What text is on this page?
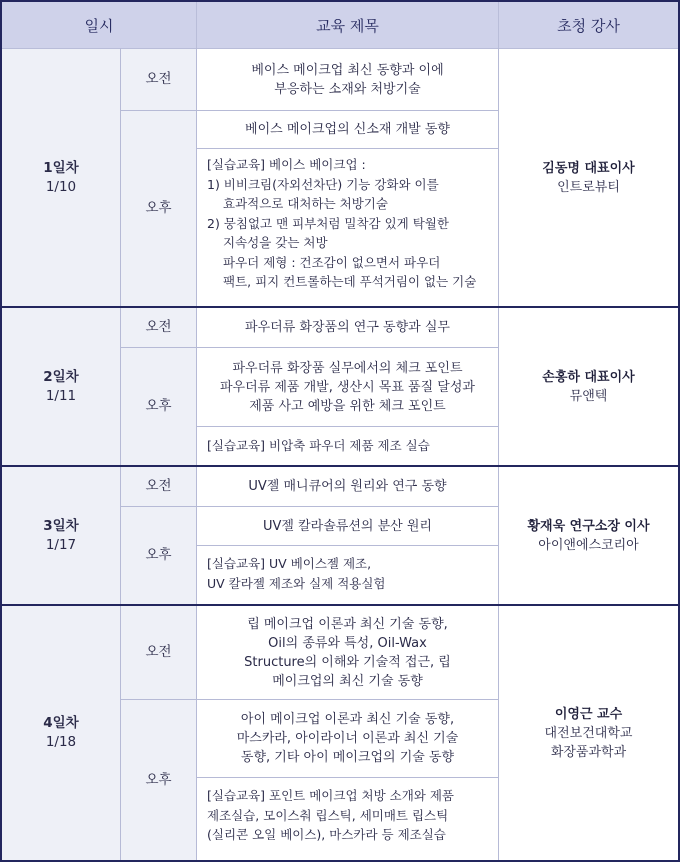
일시	교육 제목	초청 강사
1일차
1/10
오전
오후
베이스 메이크업 최신 동향과 이에
부응하는 소재와 처방기술
베이스 메이크업의 신소재 개발 동향
[실습교육] 베이스 베이크업 :
1) 비비크림(자외선차단) 기능 강화와 이를
효과적으로 대처하는 처방기술
2) 뭉침없고 맨 피부처럼 밀착감 있게 탁월한
지속성을 갖는 처방
파우더 제형 : 건조감이 없으면서 파우더
팩트, 피지 컨트롤하는데 푸석거림이 없는 기술
김동명 대표이사
인트로뷰티
2일차
1/11
오전
오후
파우더류 화장품의 연구 동향과 실무
파우더류 화장품 실무에서의 체크 포인트
파우더류 제품 개발, 생산시 목표 품질 달성과
제품 사고 예방을 위한 체크 포인트
[실습교육] 비압축 파우더 제품 제조 실습
손홍하 대표이사
뮤앤텍
3일차
1/17
오전
오후
UV젤 매니큐어의 원리와 연구 동향
UV젤 칼라솔류션의 분산 원리
[실습교육] UV 베이스젤 제조,
UV 칼라젤 제조와 실제 적용실험
황재욱 연구소장 이사
아이앤에스코리아
4일차
1/18
오전
오후
립 메이크업 이론과 최신 기술 동향,
Oil의 종류와 특성, Oil-Wax
Structure의 이해와 기술적 접근, 립
메이크업의 최신 기술 동향
아이 메이크업 이론과 최신 기술 동향,
마스카라, 아이라이너 이론과 최신 기술
동향, 기타 아이 메이크업의 기술 동향
[실습교육] 포인트 메이크업 처방 소개와 제품
제조실습, 모이스춰 립스틱, 세미매트 립스틱
(실리콘 오일 베이스), 마스카라 등 제조실습
이영근 교수
대전보건대학교
화장품과학과
